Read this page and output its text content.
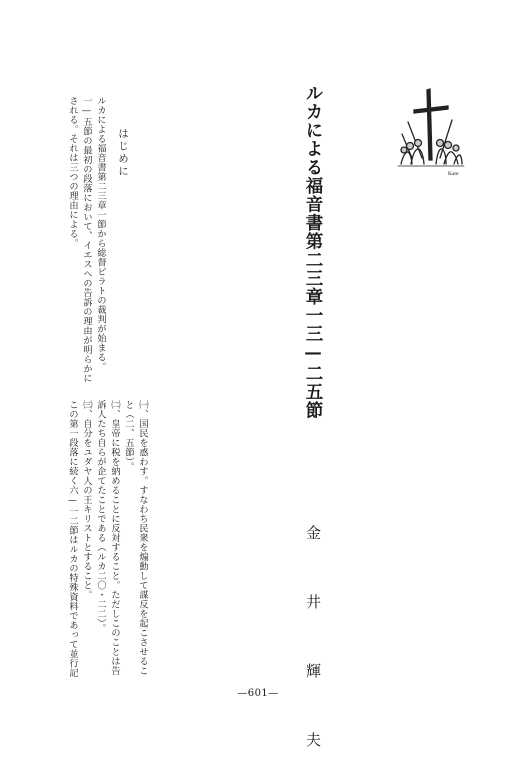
Kam
ルカによる福音書第二三章一三—二五節
金 井 輝 夫
はじめに
ルカによる福音書第二三章一節から総督ピラトの裁判が始まる。
一—五節の最初の段落において、イエスへの告訴の理由が明らかに
される。それは三つの理由による。
㈠、国民を惑わす。すなわち民衆を煽動して謀反を起こさせるこ
と（二、五節）。
㈡、皇帝に税を納めることに反対すること。ただしこのことは告
訴人たち自らが企てたことである（ルカ二〇・二二）。
㈢、自分をユダヤ人の王キリストとすること。
この第一段落に続く六—一二節はルカの特殊資料であって並行記
—601—
